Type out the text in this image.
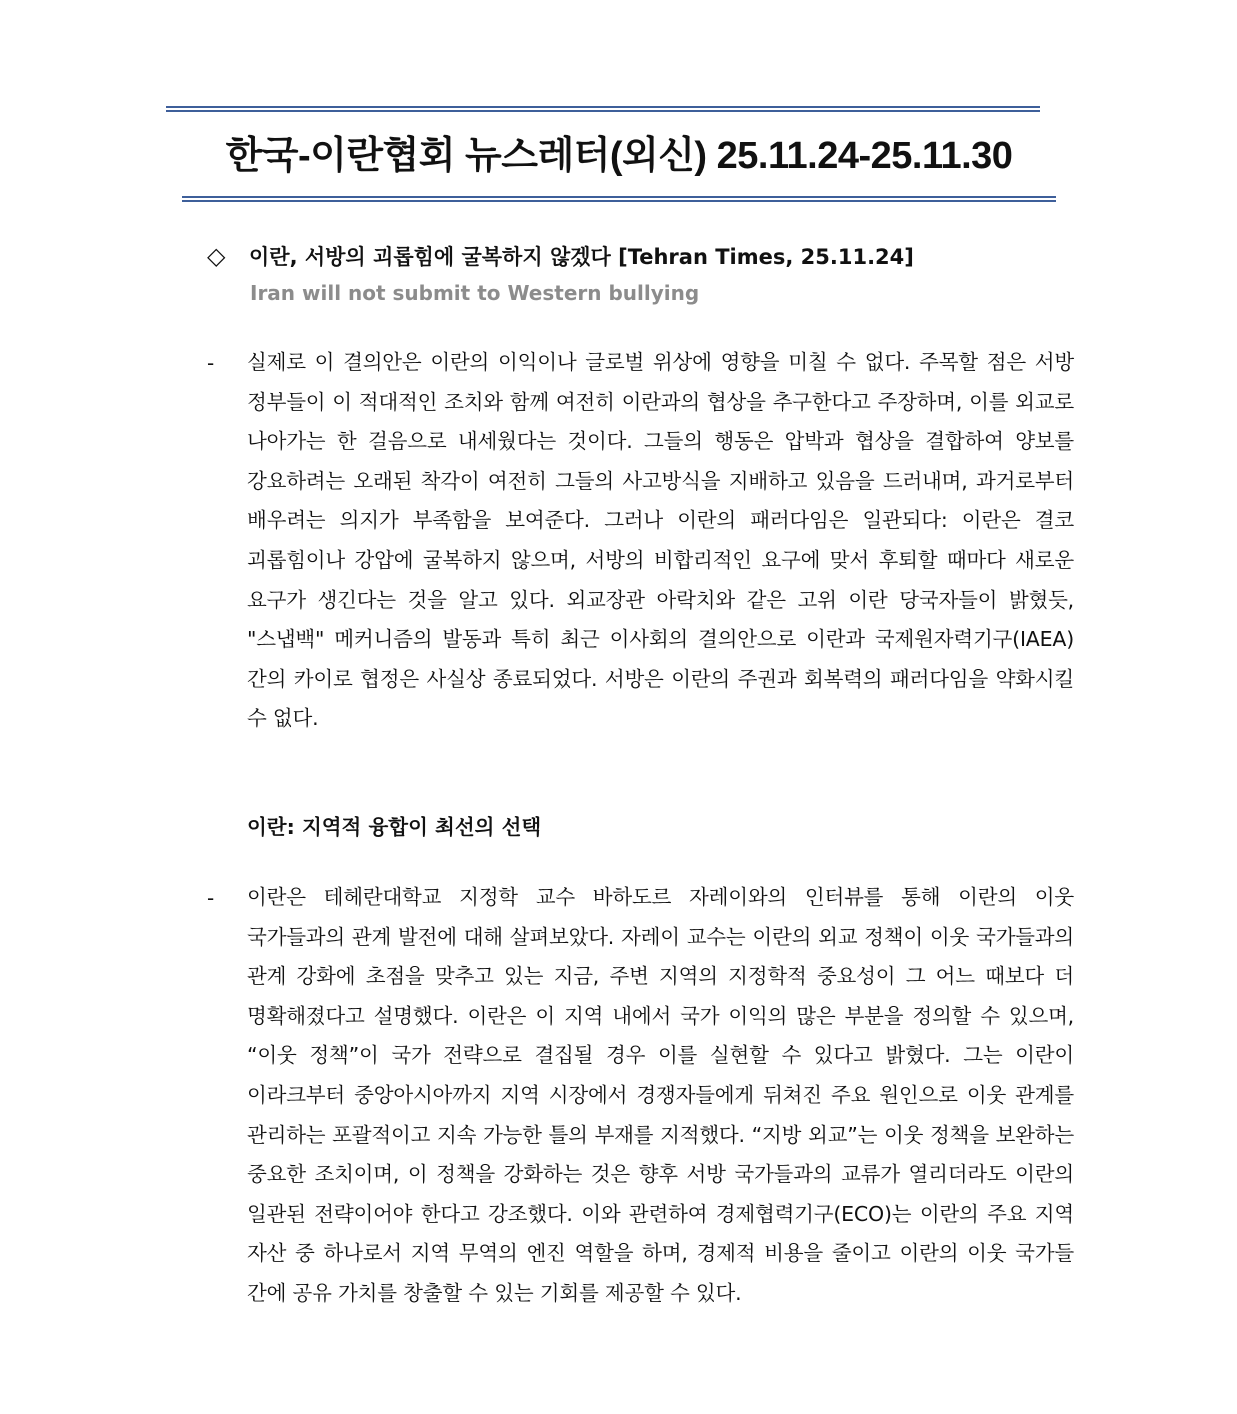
한국-이란협회 뉴스레터(외신) 25.11.24-25.11.30
◇ 이란, 서방의 괴롭힘에 굴복하지 않겠다 [Tehran Times, 25.11.24]
Iran will not submit to Western bullying
- 실제로 이 결의안은 이란의 이익이나 글로벌 위상에 영향을 미칠 수 없다. 주목할 점은 서방 정부들이 이 적대적인 조치와 함께 여전히 이란과의 협상을 추구한다고 주장하며, 이를 외교로 나아가는 한 걸음으로 내세웠다는 것이다. 그들의 행동은 압박과 협상을 결합하여 양보를 강요하려는 오래된 착각이 여전히 그들의 사고방식을 지배하고 있음을 드러내며, 과거로부터 배우려는 의지가 부족함을 보여준다. 그러나 이란의 패러다임은 일관되다: 이란은 결코 괴롭힘이나 강압에 굴복하지 않으며, 서방의 비합리적인 요구에 맞서 후퇴할 때마다 새로운 요구가 생긴다는 것을 알고 있다. 외교장관 아락치와 같은 고위 이란 당국자들이 밝혔듯, "스냅백" 메커니즘의 발동과 특히 최근 이사회의 결의안으로 이란과 국제원자력기구(IAEA) 간의 카이로 협정은 사실상 종료되었다. 서방은 이란의 주권과 회복력의 패러다임을 약화시킬 수 없다.
이란: 지역적 융합이 최선의 선택
- 이란은 테헤란대학교 지정학 교수 바하도르 자레이와의 인터뷰를 통해 이란의 이웃 국가들과의 관계 발전에 대해 살펴보았다. 자레이 교수는 이란의 외교 정책이 이웃 국가들과의 관계 강화에 초점을 맞추고 있는 지금, 주변 지역의 지정학적 중요성이 그 어느 때보다 더 명확해졌다고 설명했다. 이란은 이 지역 내에서 국가 이익의 많은 부분을 정의할 수 있으며, “이웃 정책”이 국가 전략으로 결집될 경우 이를 실현할 수 있다고 밝혔다. 그는 이란이 이라크부터 중앙아시아까지 지역 시장에서 경쟁자들에게 뒤쳐진 주요 원인으로 이웃 관계를 관리하는 포괄적이고 지속 가능한 틀의 부재를 지적했다. “지방 외교”는 이웃 정책을 보완하는 중요한 조치이며, 이 정책을 강화하는 것은 향후 서방 국가들과의 교류가 열리더라도 이란의 일관된 전략이어야 한다고 강조했다. 이와 관련하여 경제협력기구(ECO)는 이란의 주요 지역 자산 중 하나로서 지역 무역의 엔진 역할을 하며, 경제적 비용을 줄이고 이란의 이웃 국가들 간에 공유 가치를 창출할 수 있는 기회를 제공할 수 있다.
